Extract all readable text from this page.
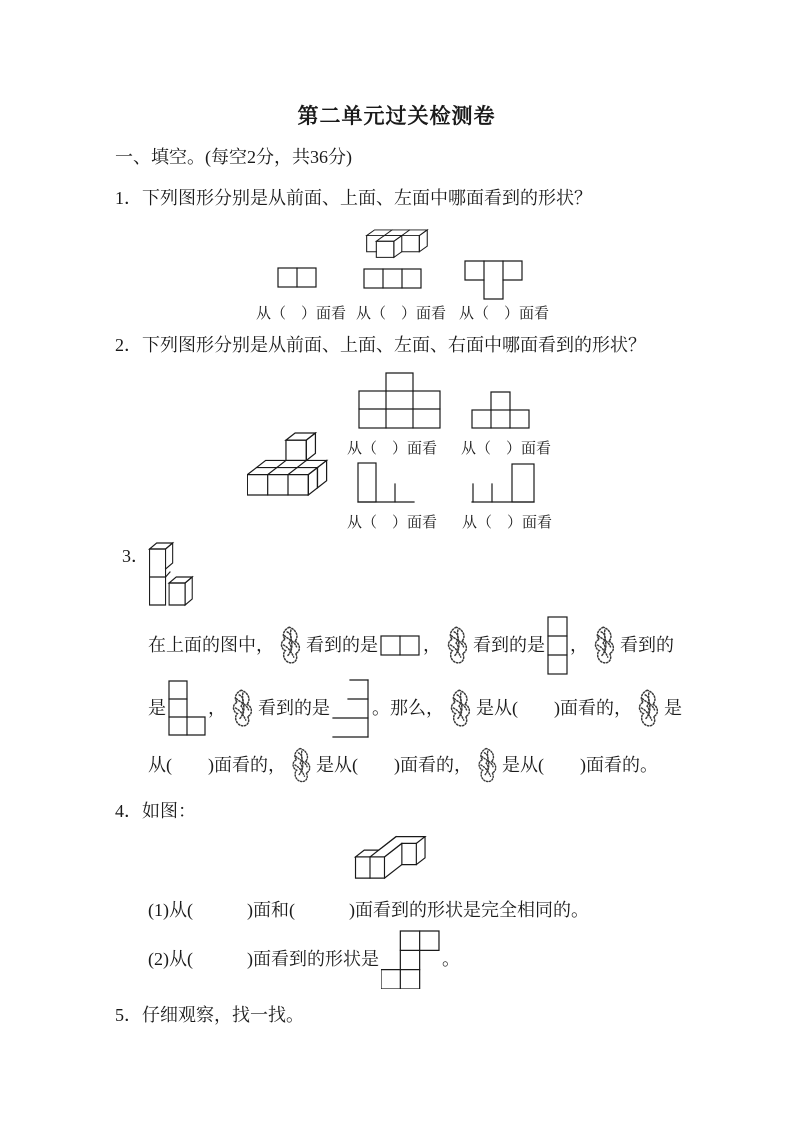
第二单元过关检测卷
一、填空。(每空2分，共36分)
1．下列图形分别是从前面、上面、左面中哪面看到的形状？
从（　）面看 从（　）面看 从（　）面看
2．下列图形分别是从前面、上面、左面、右面中哪面看到的形状？
从（　）面看 从（　）面看
从（　）面看 从（　）面看
3．
在上面的图中， 看到的是	， 看到的是 ， 看到的
是 ， 看到的是 。那么， 是从(　　)面看的， 是
从(　　)面看的， 是从(　　)面看的， 是从(　　)面看的。
4．如图：
(1)从(　　　)面和(　　　)面看到的形状是完全相同的。
(2)从(　　　)面看到的形状是	。
5．仔细观察，找一找。
